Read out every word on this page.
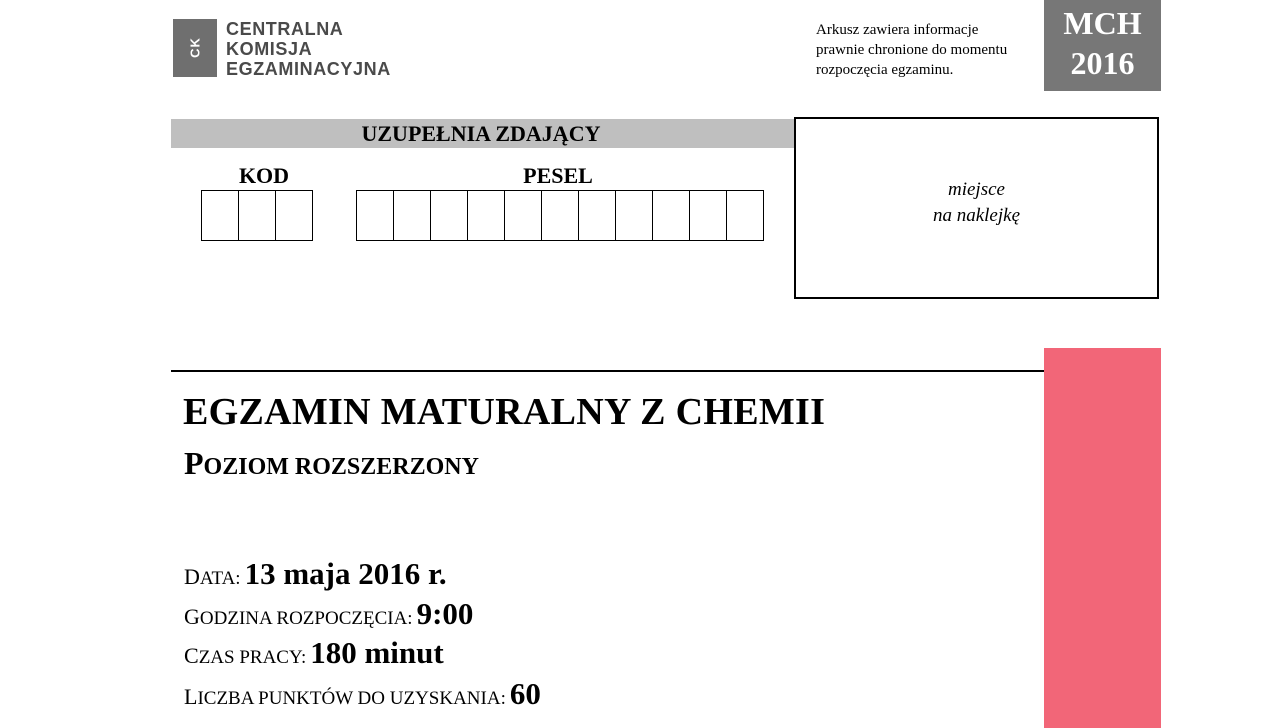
CK
CENTRALNA
KOMISJA
EGZAMINACYJNA
Arkusz zawiera informacje
prawnie chronione do momentu
rozpoczęcia egzaminu.
MCH
2016
UZUPEŁNIA ZDAJĄCY
KOD	PESEL
miejsce
na naklejkę
EGZAMIN MATURALNY Z CHEMII
POZIOM ROZSZERZONY
DATA: 13 maja 2016 r.
GODZINA ROZPOCZĘCIA: 9:00
CZAS PRACY: 180 minut
LICZBA PUNKTÓW DO UZYSKANIA: 60
